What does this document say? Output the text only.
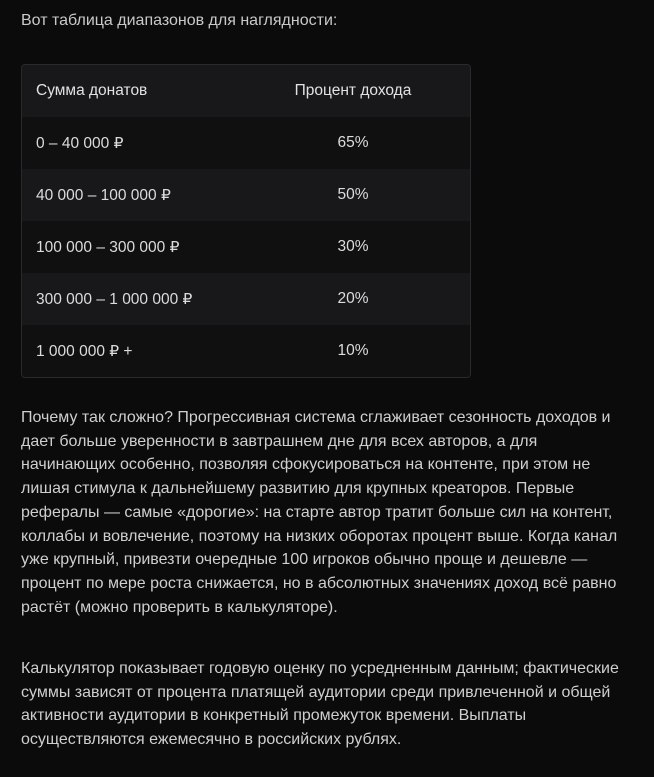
Вот таблица диапазонов для наглядности:

Сумма донатов	Процент дохода
0 – 40 000 ₽	65%
40 000 – 100 000 ₽	50%
100 000 – 300 000 ₽	30%
300 000 – 1 000 000 ₽	20%
1 000 000 ₽ +	10%

Почему так сложно? Прогрессивная система сглаживает сезонность доходов и дает больше уверенности в завтрашнем дне для всех авторов, а для начинающих особенно, позволяя сфокусироваться на контенте, при этом не лишая стимула к дальнейшему развитию для крупных креаторов. Первые рефералы — самые «дорогие»: на старте автор тратит больше сил на контент, коллабы и вовлечение, поэтому на низких оборотах процент выше. Когда канал уже крупный, привезти очередные 100 игроков обычно проще и дешевле — процент по мере роста снижается, но в абсолютных значениях доход всё равно растёт (можно проверить в калькуляторе).

Калькулятор показывает годовую оценку по усредненным данным; фактические суммы зависят от процента платящей аудитории среди привлеченной и общей активности аудитории в конкретный промежуток времени. Выплаты осуществляются ежемесячно в российских рублях.
